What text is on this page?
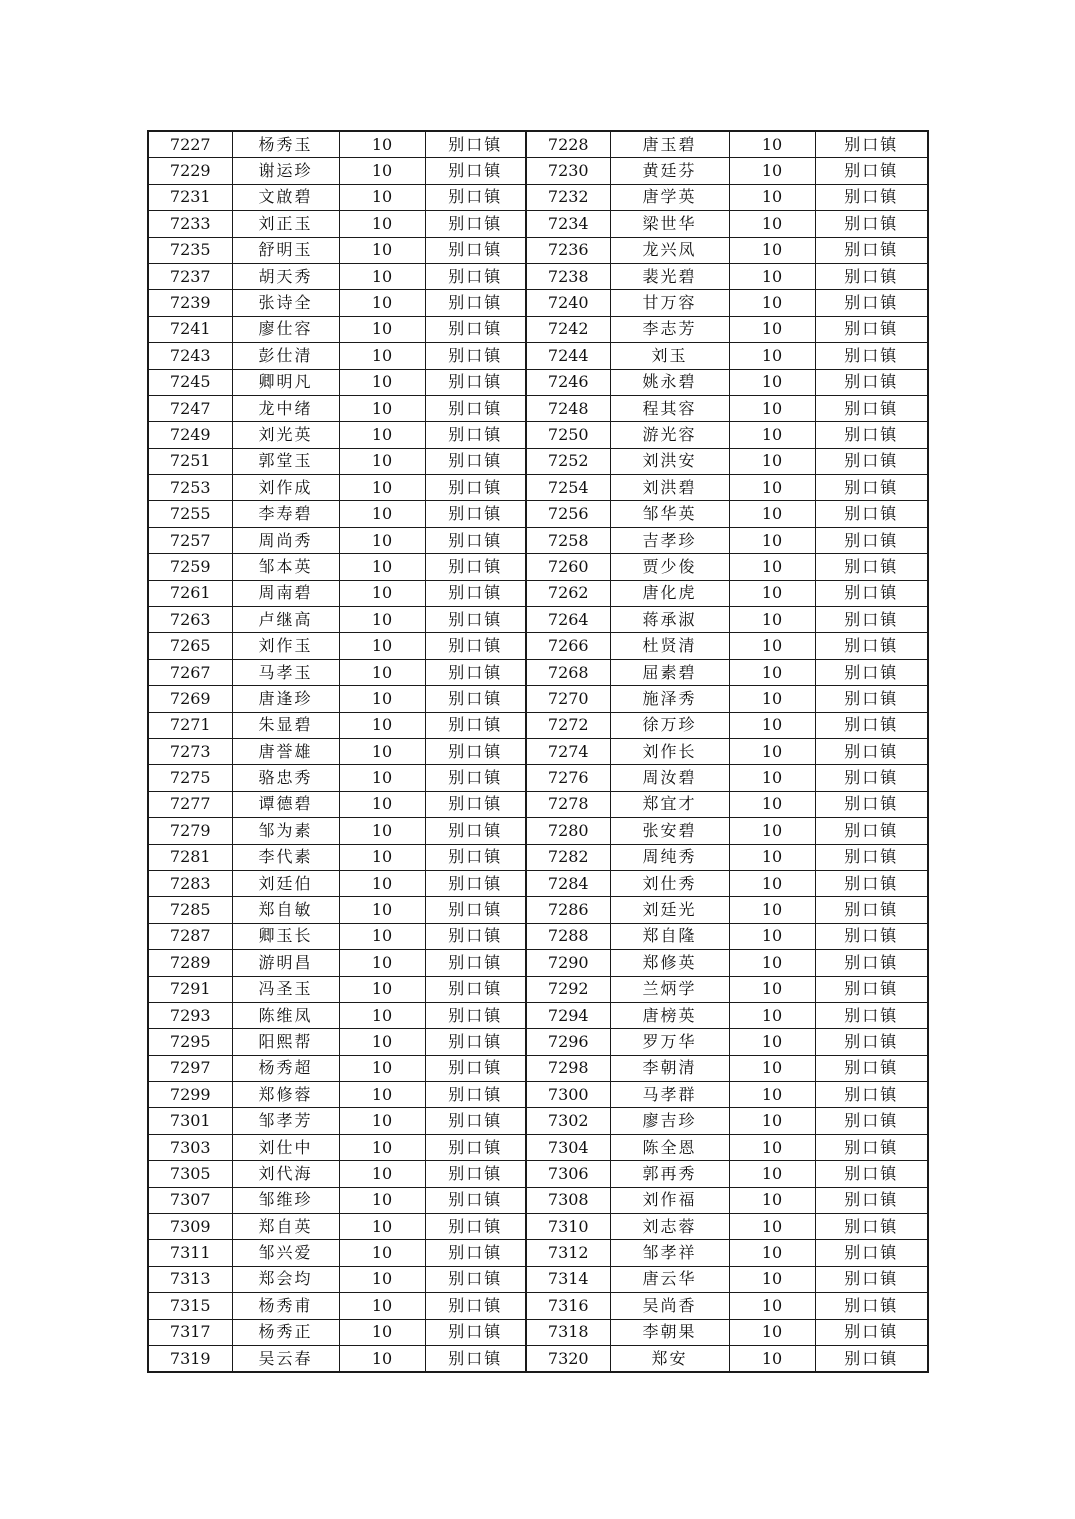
7227	杨秀玉	10	别口镇	7228	唐玉碧	10	别口镇
7229	谢运珍	10	别口镇	7230	黄廷芬	10	别口镇
7231	文啟碧	10	别口镇	7232	唐学英	10	别口镇
7233	刘正玉	10	别口镇	7234	梁世华	10	别口镇
7235	舒明玉	10	别口镇	7236	龙兴凤	10	别口镇
7237	胡天秀	10	别口镇	7238	裴光碧	10	别口镇
7239	张诗全	10	别口镇	7240	甘万容	10	别口镇
7241	廖仕容	10	别口镇	7242	李志芳	10	别口镇
7243	彭仕清	10	别口镇	7244	刘玉	10	别口镇
7245	卿明凡	10	别口镇	7246	姚永碧	10	别口镇
7247	龙中绪	10	别口镇	7248	程其容	10	别口镇
7249	刘光英	10	别口镇	7250	游光容	10	别口镇
7251	郭堂玉	10	别口镇	7252	刘洪安	10	别口镇
7253	刘作成	10	别口镇	7254	刘洪碧	10	别口镇
7255	李寿碧	10	别口镇	7256	邹华英	10	别口镇
7257	周尚秀	10	别口镇	7258	吉孝珍	10	别口镇
7259	邹本英	10	别口镇	7260	贾少俊	10	别口镇
7261	周南碧	10	别口镇	7262	唐化虎	10	别口镇
7263	卢继高	10	别口镇	7264	蒋承淑	10	别口镇
7265	刘作玉	10	别口镇	7266	杜贤清	10	别口镇
7267	马孝玉	10	别口镇	7268	屈素碧	10	别口镇
7269	唐逢珍	10	别口镇	7270	施泽秀	10	别口镇
7271	朱显碧	10	别口镇	7272	徐万珍	10	别口镇
7273	唐誉雄	10	别口镇	7274	刘作长	10	别口镇
7275	骆忠秀	10	别口镇	7276	周汝碧	10	别口镇
7277	谭德碧	10	别口镇	7278	郑宜才	10	别口镇
7279	邹为素	10	别口镇	7280	张安碧	10	别口镇
7281	李代素	10	别口镇	7282	周纯秀	10	别口镇
7283	刘廷伯	10	别口镇	7284	刘仕秀	10	别口镇
7285	郑自敏	10	别口镇	7286	刘廷光	10	别口镇
7287	卿玉长	10	别口镇	7288	郑自隆	10	别口镇
7289	游明昌	10	别口镇	7290	郑修英	10	别口镇
7291	冯圣玉	10	别口镇	7292	兰炳学	10	别口镇
7293	陈维凤	10	别口镇	7294	唐榜英	10	别口镇
7295	阳熙帮	10	别口镇	7296	罗万华	10	别口镇
7297	杨秀超	10	别口镇	7298	李朝清	10	别口镇
7299	郑修蓉	10	别口镇	7300	马孝群	10	别口镇
7301	邹孝芳	10	别口镇	7302	廖吉珍	10	别口镇
7303	刘仕中	10	别口镇	7304	陈全恩	10	别口镇
7305	刘代海	10	别口镇	7306	郭再秀	10	别口镇
7307	邹维珍	10	别口镇	7308	刘作福	10	别口镇
7309	郑自英	10	别口镇	7310	刘志蓉	10	别口镇
7311	邹兴爱	10	别口镇	7312	邹孝祥	10	别口镇
7313	郑会均	10	别口镇	7314	唐云华	10	别口镇
7315	杨秀甫	10	别口镇	7316	吴尚香	10	别口镇
7317	杨秀正	10	别口镇	7318	李朝果	10	别口镇
7319	吴云春	10	别口镇	7320	郑安	10	别口镇
